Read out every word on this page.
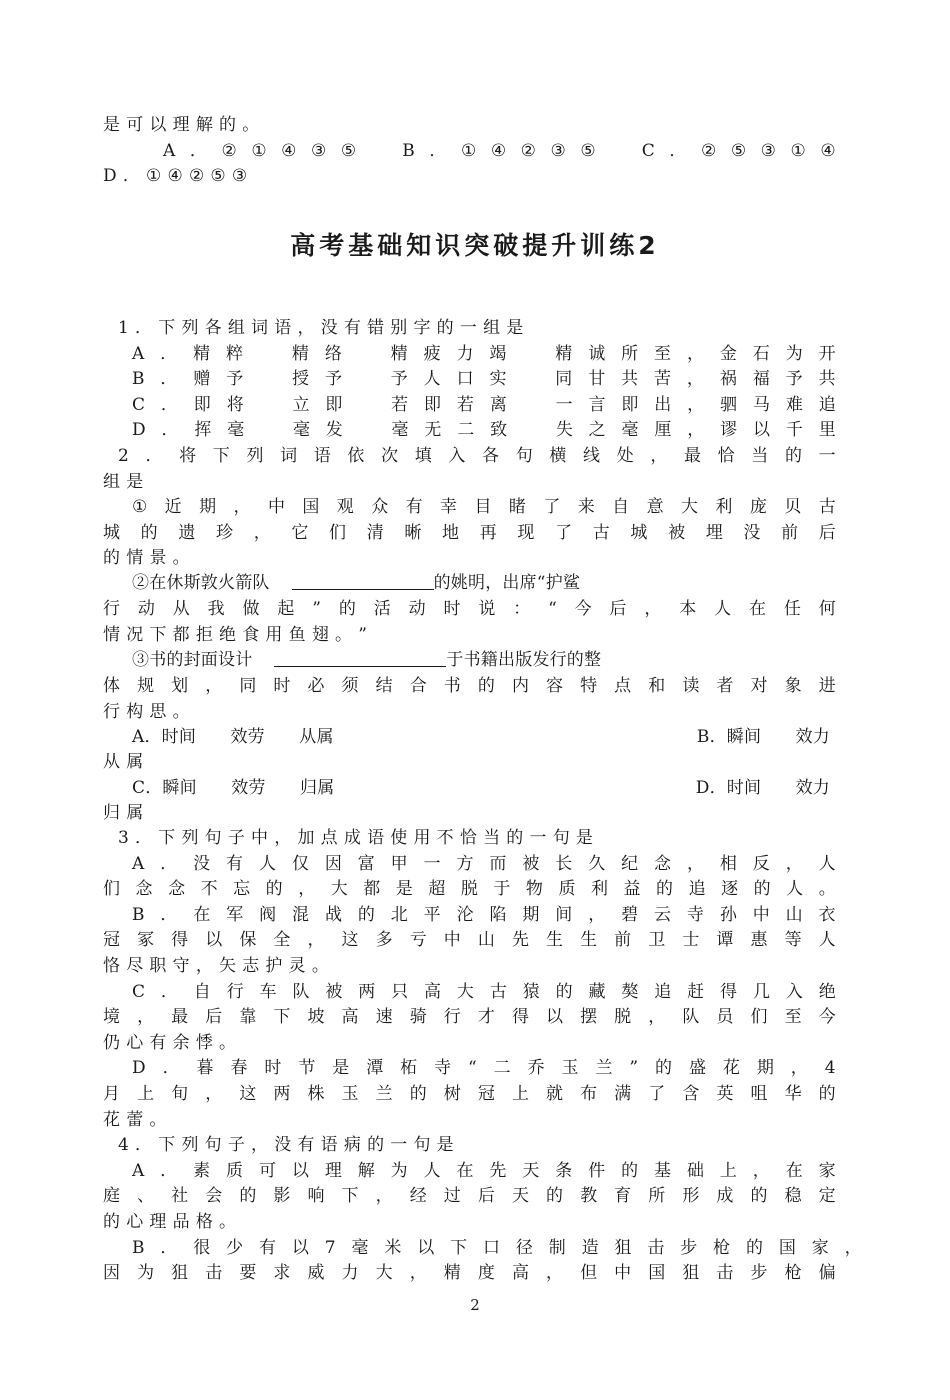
是 可 以 理 解 的 。
A ． ② ① ④ ③ ⑤
　	B ． ① ④ ② ③ ⑤
　	C ． ② ⑤ ③ ① ④
D ． ① ④ ② ⑤ ③
高考基础知识突破提升训练2
1 ． 下 列 各 组 词 语 ， 没 有 错 别 字 的 一 组 是
A ． 精 粹
　	精 络
　	精 疲 力 竭
　	精 诚 所 至 ， 金 石 为 开
B ． 赠 予
　	授 予
　	予 人 口 实
　	同 甘 共 苦 ， 祸 福 予 共
C ． 即 将
　	立 即
　	若 即 若 离
　	一 言 即 出 ， 驷 马 难 追
D ． 挥 毫
　	毫 发
　	毫 无 二 致
　	失 之 毫 厘 ， 谬 以 千 里
2 ． 将 下 列 词 语 依 次 填 入 各 句 横 线 处 ， 最 恰 当 的 一
组 是
① 近 期 ， 中 国 观 众 有 幸 目 睹 了 来 自 意 大 利 庞 贝 古
城 的 遗 珍 ， 它 们 清 晰 地 再 现 了 古 城 被 埋 没 前 后
的 情 景 。
②在休斯敦火箭队	的姚明，出席“护鲨
行 动 从 我 做 起 ” 的 活 动 时 说 ： “ 今 后 ， 本 人 在 任 何
情 况 下 都 拒 绝 食 用 鱼 翅 。 ”
③书的封面设计	于书籍出版发行的整
体 规 划 ， 同 时 必 须 结 合 书 的 内 容 特 点 和 读 者 对 象 进
行 构 思 。
A．时间　　效劳　　从属	B．瞬间　　效力
从 属
C．瞬间　　效劳　　归属	D．时间　　效力
归 属
3 ． 下 列 句 子 中 ， 加 点 成 语 使 用 不 恰 当 的 一 句 是
A ． 没 有 人 仅 因 富 甲 一 方 而 被 长 久 纪 念 ， 相 反 ， 人
们 念 念 不 忘 的 ， 大 都 是 超 脱 于 物 质 利 益 的 追 逐 的 人 。
B ． 在 军 阀 混 战 的 北 平 沦 陷 期 间 ， 碧 云 寺 孙 中 山 衣
冠 冢 得 以 保 全 ， 这 多 亏 中 山 先 生 生 前 卫 士 谭 惠 等 人
恪 尽 职 守 ， 矢 志 护 灵 。
C ． 自 行 车 队 被 两 只 高 大 古 猿 的 藏 獒 追 赶 得 几 入 绝
境 ， 最 后 靠 下 坡 高 速 骑 行 才 得 以 摆 脱 ， 队 员 们 至 今
仍 心 有 余 悸 。
D ． 暮 春 时 节 是 潭 柘 寺 “ 二 乔 玉 兰 ” 的 盛 花 期 ， 4
月 上 旬 ， 这 两 株 玉 兰 的 树 冠 上 就 布 满 了 含 英 咀 华 的
花 蕾 。
4 ． 下 列 句 子 ， 没 有 语 病 的 一 句 是
A ． 素 质 可 以 理 解 为 人 在 先 天 条 件 的 基 础 上 ， 在 家
庭 、 社 会 的 影 响 下 ， 经 过 后 天 的 教 育 所 形 成 的 稳 定
的 心 理 品 格 。
B ． 很 少 有 以 7 毫 米 以 下 口 径 制 造 狙 击 步 枪 的 国 家 ，
因 为 狙 击 要 求 威 力 大 ， 精 度 高 ， 但 中 国 狙 击 步 枪 偏
2
